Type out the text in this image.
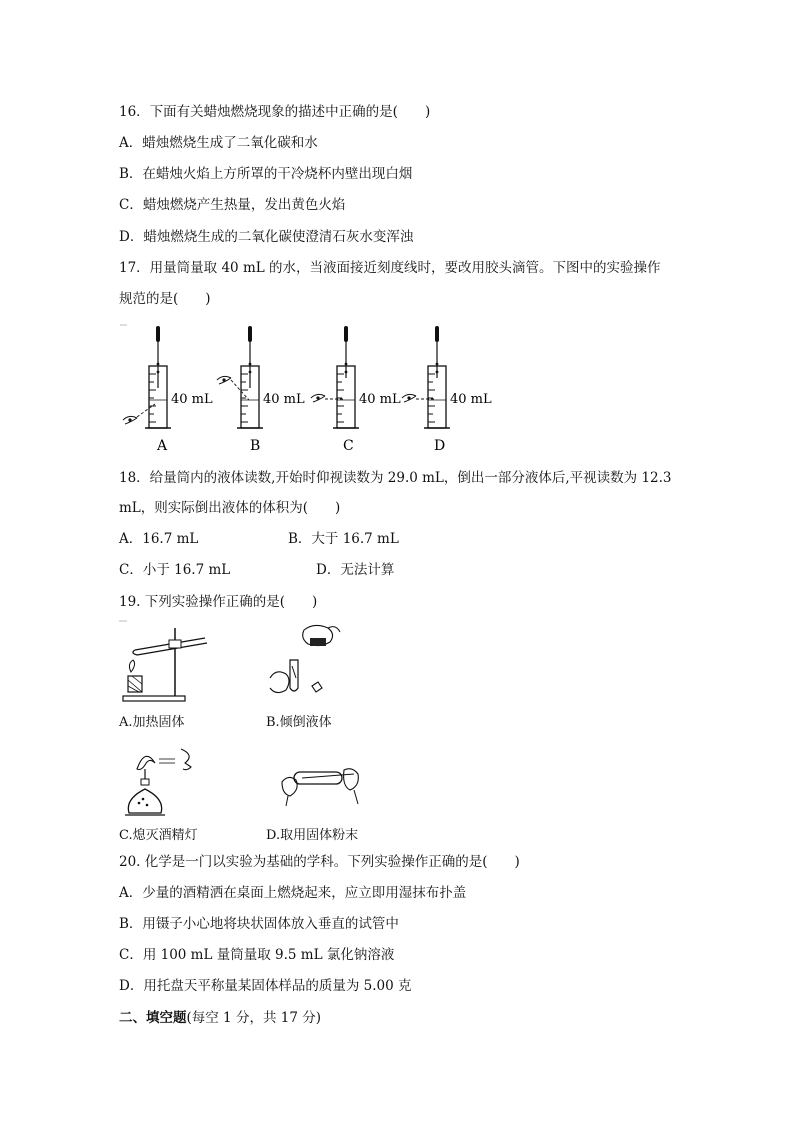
16．下面有关蜡烛燃烧现象的描述中正确的是(　　)
A．蜡烛燃烧生成了二氧化碳和水
B．在蜡烛火焰上方所罩的干冷烧杯内壁出现白烟
C．蜡烛燃烧产生热量，发出黄色火焰
D．蜡烛燃烧生成的二氧化碳使澄清石灰水变浑浊
17．用量筒量取 40 mL 的水，当液面接近刻度线时，要改用胶头滴管。下图中的实验操作
规范的是(　　)
40 mL	40 mL	40 mL	40 mL
A	B	C	D
18．给量筒内的液体读数,开始时仰视读数为 29.0 mL，倒出一部分液体后,平视读数为 12.3
mL，则实际倒出液体的体积为(　　)
A．16.7 mL	B．大于 16.7 mL
C．小于 16.7 mL	D．无法计算
19. 下列实验操作正确的是(　　)
A.加热固体	B.倾倒液体
C.熄灭酒精灯	D.取用固体粉末
20. 化学是一门以实验为基础的学科。下列实验操作正确的是(　　)
A．少量的酒精洒在桌面上燃烧起来，应立即用湿抹布扑盖
B．用镊子小心地将块状固体放入垂直的试管中
C．用 100 mL 量筒量取 9.5 mL 氯化钠溶液
D．用托盘天平称量某固体样品的质量为 5.00 克
二、填空题(每空 1 分，共 17 分)
